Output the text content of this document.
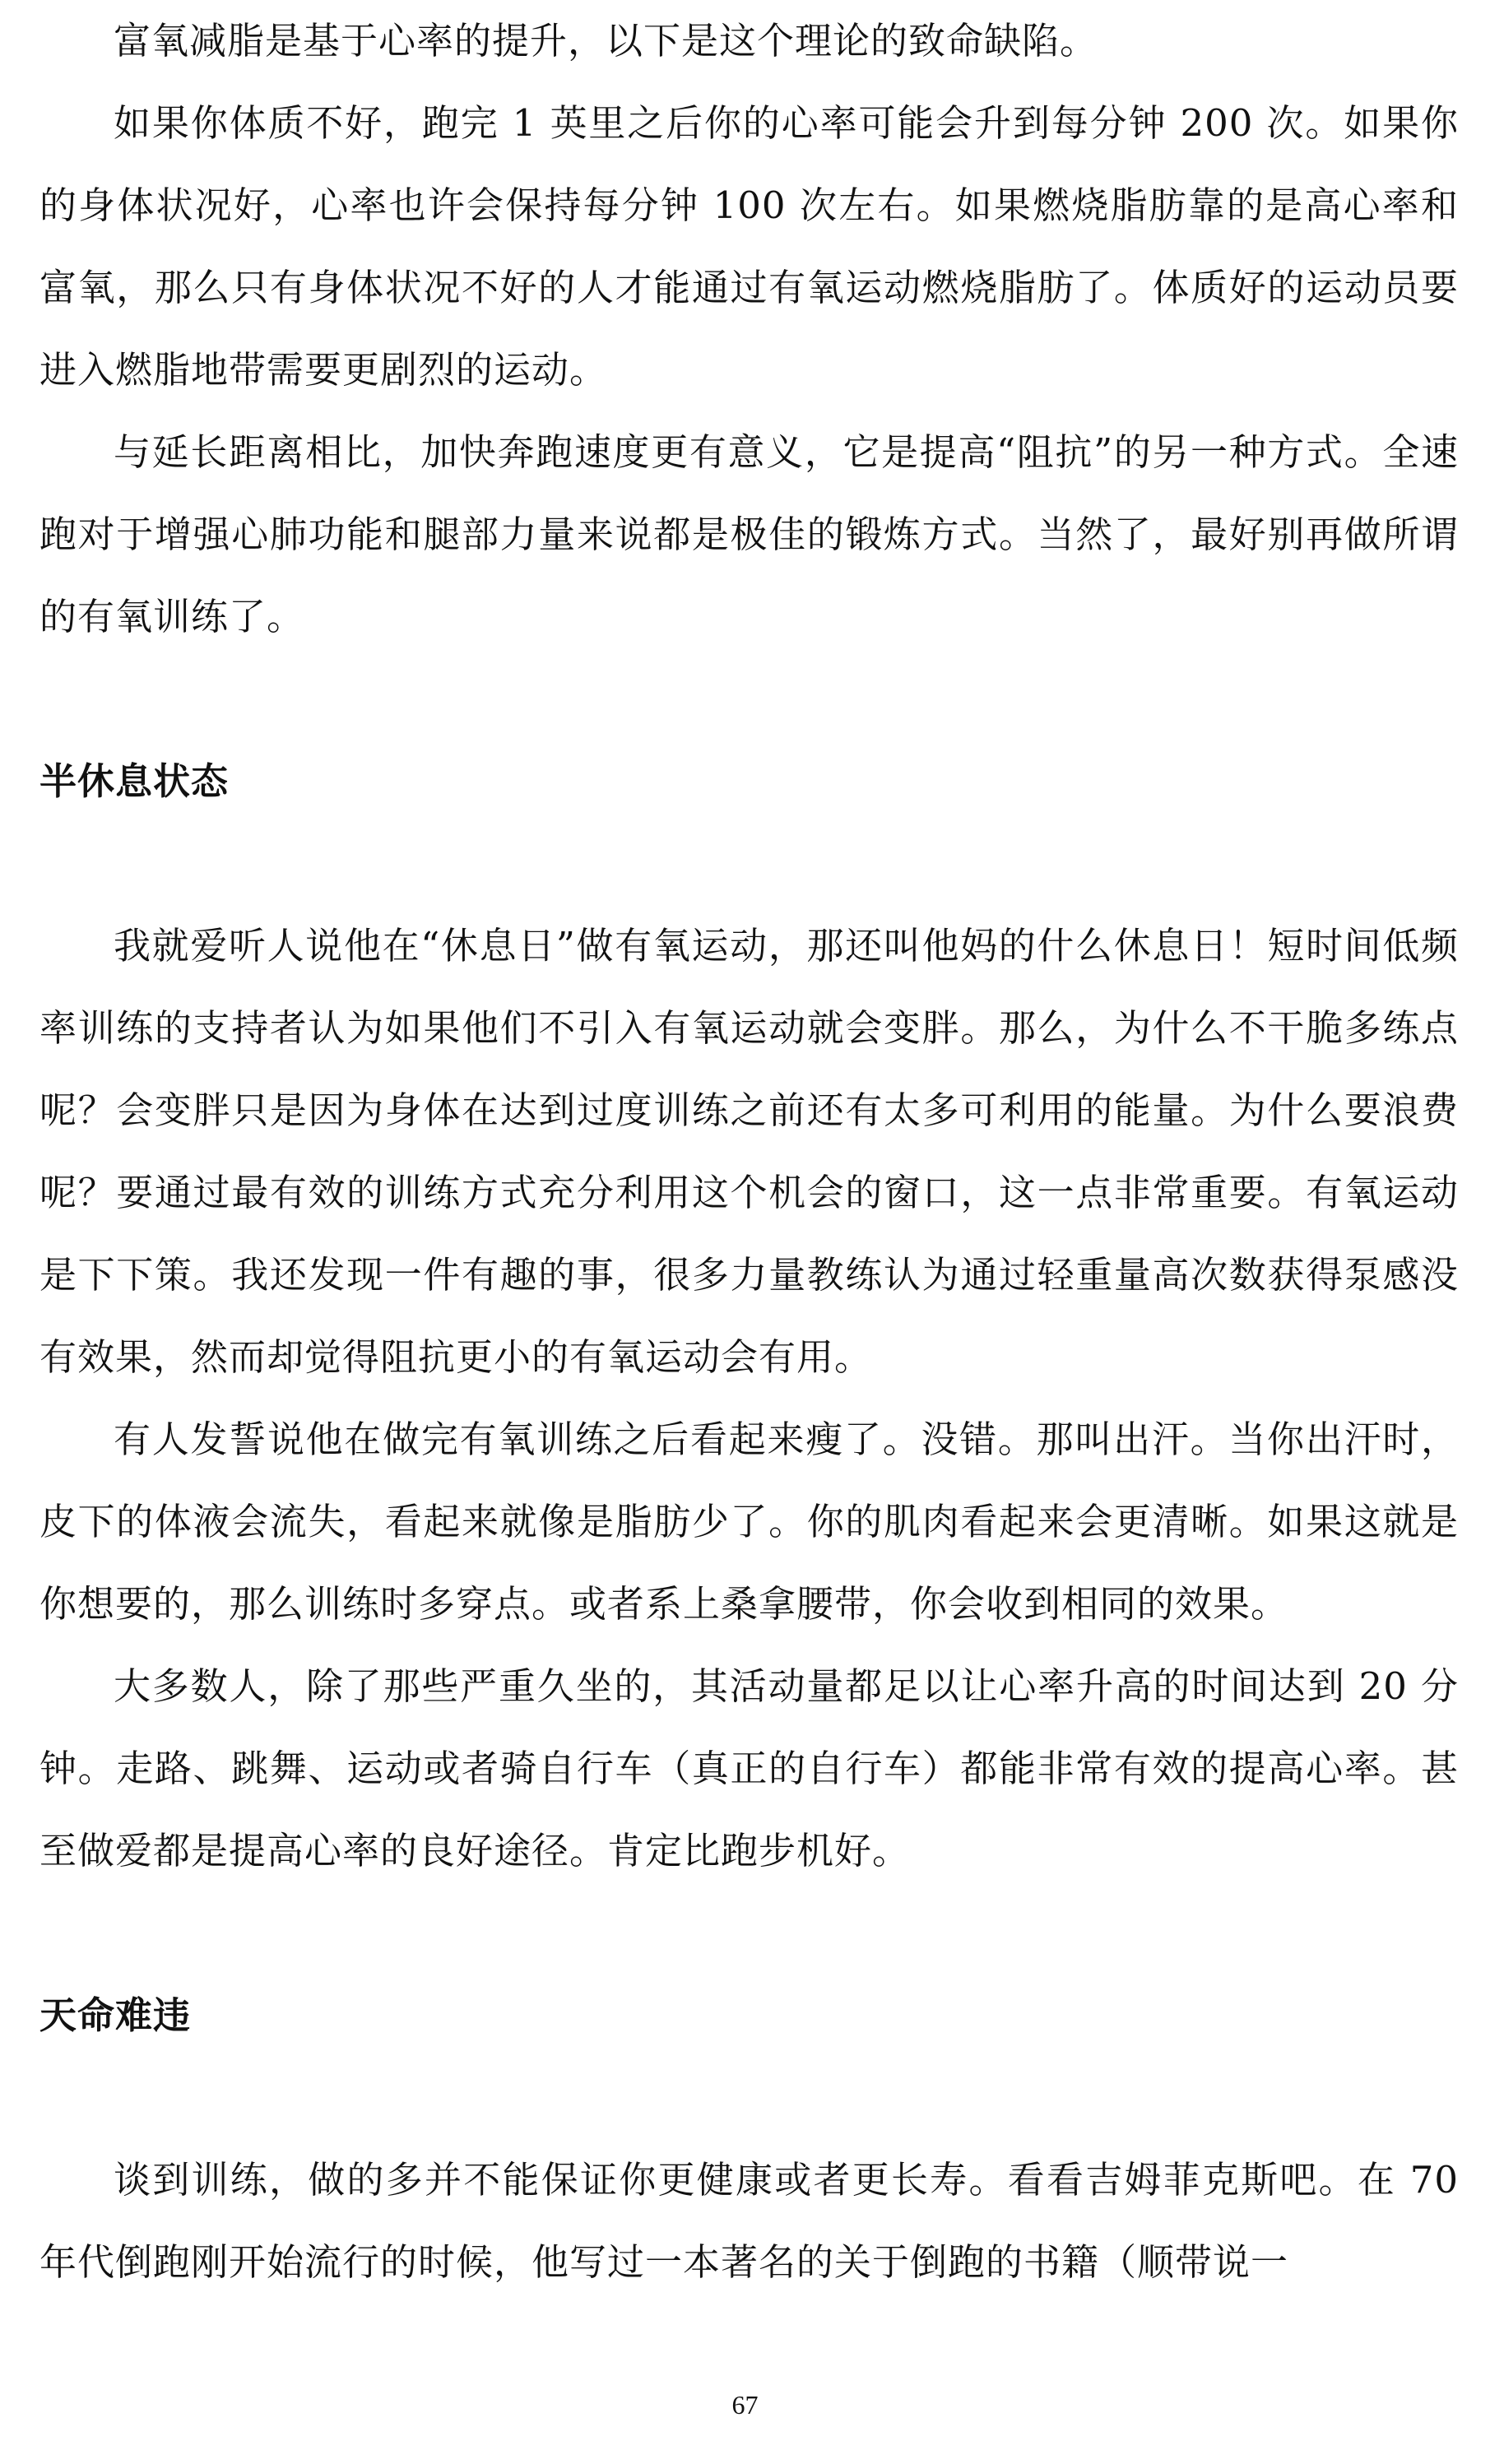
富氧减脂是基于心率的提升，以下是这个理论的致命缺陷。

如果你体质不好，跑完 1 英里之后你的心率可能会升到每分钟 200 次。如果你的身体状况好，心率也许会保持每分钟 100 次左右。如果燃烧脂肪靠的是高心率和富氧，那么只有身体状况不好的人才能通过有氧运动燃烧脂肪了。体质好的运动员要进入燃脂地带需要更剧烈的运动。

与延长距离相比，加快奔跑速度更有意义，它是提高“阻抗”的另一种方式。全速跑对于增强心肺功能和腿部力量来说都是极佳的锻炼方式。当然了，最好别再做所谓的有氧训练了。

半休息状态

我就爱听人说他在“休息日”做有氧运动，那还叫他妈的什么休息日！短时间低频率训练的支持者认为如果他们不引入有氧运动就会变胖。那么，为什么不干脆多练点呢？会变胖只是因为身体在达到过度训练之前还有太多可利用的能量。为什么要浪费呢？要通过最有效的训练方式充分利用这个机会的窗口，这一点非常重要。有氧运动是下下策。我还发现一件有趣的事，很多力量教练认为通过轻重量高次数获得泵感没有效果，然而却觉得阻抗更小的有氧运动会有用。

有人发誓说他在做完有氧训练之后看起来瘦了。没错。那叫出汗。当你出汗时，皮下的体液会流失，看起来就像是脂肪少了。你的肌肉看起来会更清晰。如果这就是你想要的，那么训练时多穿点。或者系上桑拿腰带，你会收到相同的效果。

大多数人，除了那些严重久坐的，其活动量都足以让心率升高的时间达到 20 分钟。走路、跳舞、运动或者骑自行车（真正的自行车）都能非常有效的提高心率。甚至做爱都是提高心率的良好途径。肯定比跑步机好。

天命难违

谈到训练，做的多并不能保证你更健康或者更长寿。看看吉姆菲克斯吧。在 70 年代倒跑刚开始流行的时候，他写过一本著名的关于倒跑的书籍（顺带说一

67
